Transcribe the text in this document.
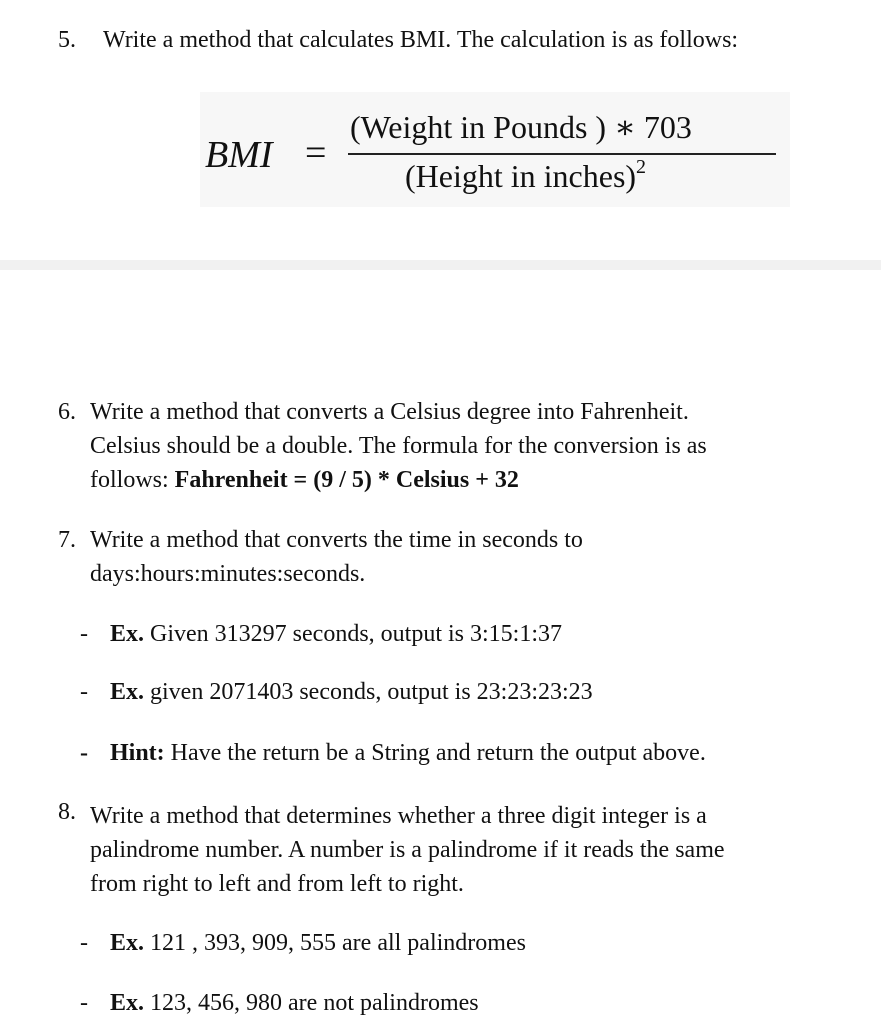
5. Write a method that calculates BMI. The calculation is as follows:
BMI =
(Weight in Pounds ) ∗ 703
(Height in inches)$^2$
6. Write a method that converts a Celsius degree into Fahrenheit.
Celsius should be a double. The formula for the conversion is as
follows: Fahrenheit = (9 / 5) * Celsius + 32
7. Write a method that converts the time in seconds to
days:hours:minutes:seconds.
- Ex. Given 313297 seconds, output is 3:15:1:37
- Ex. given 2071403 seconds, output is 23:23:23:23
- Hint: Have the return be a String and return the output above.
8. Write a method that determines whether a three digit integer is a
palindrome number. A number is a palindrome if it reads the same
from right to left and from left to right.
- Ex. 121 , 393, 909, 555 are all palindromes
- Ex. 123, 456, 980 are not palindromes
